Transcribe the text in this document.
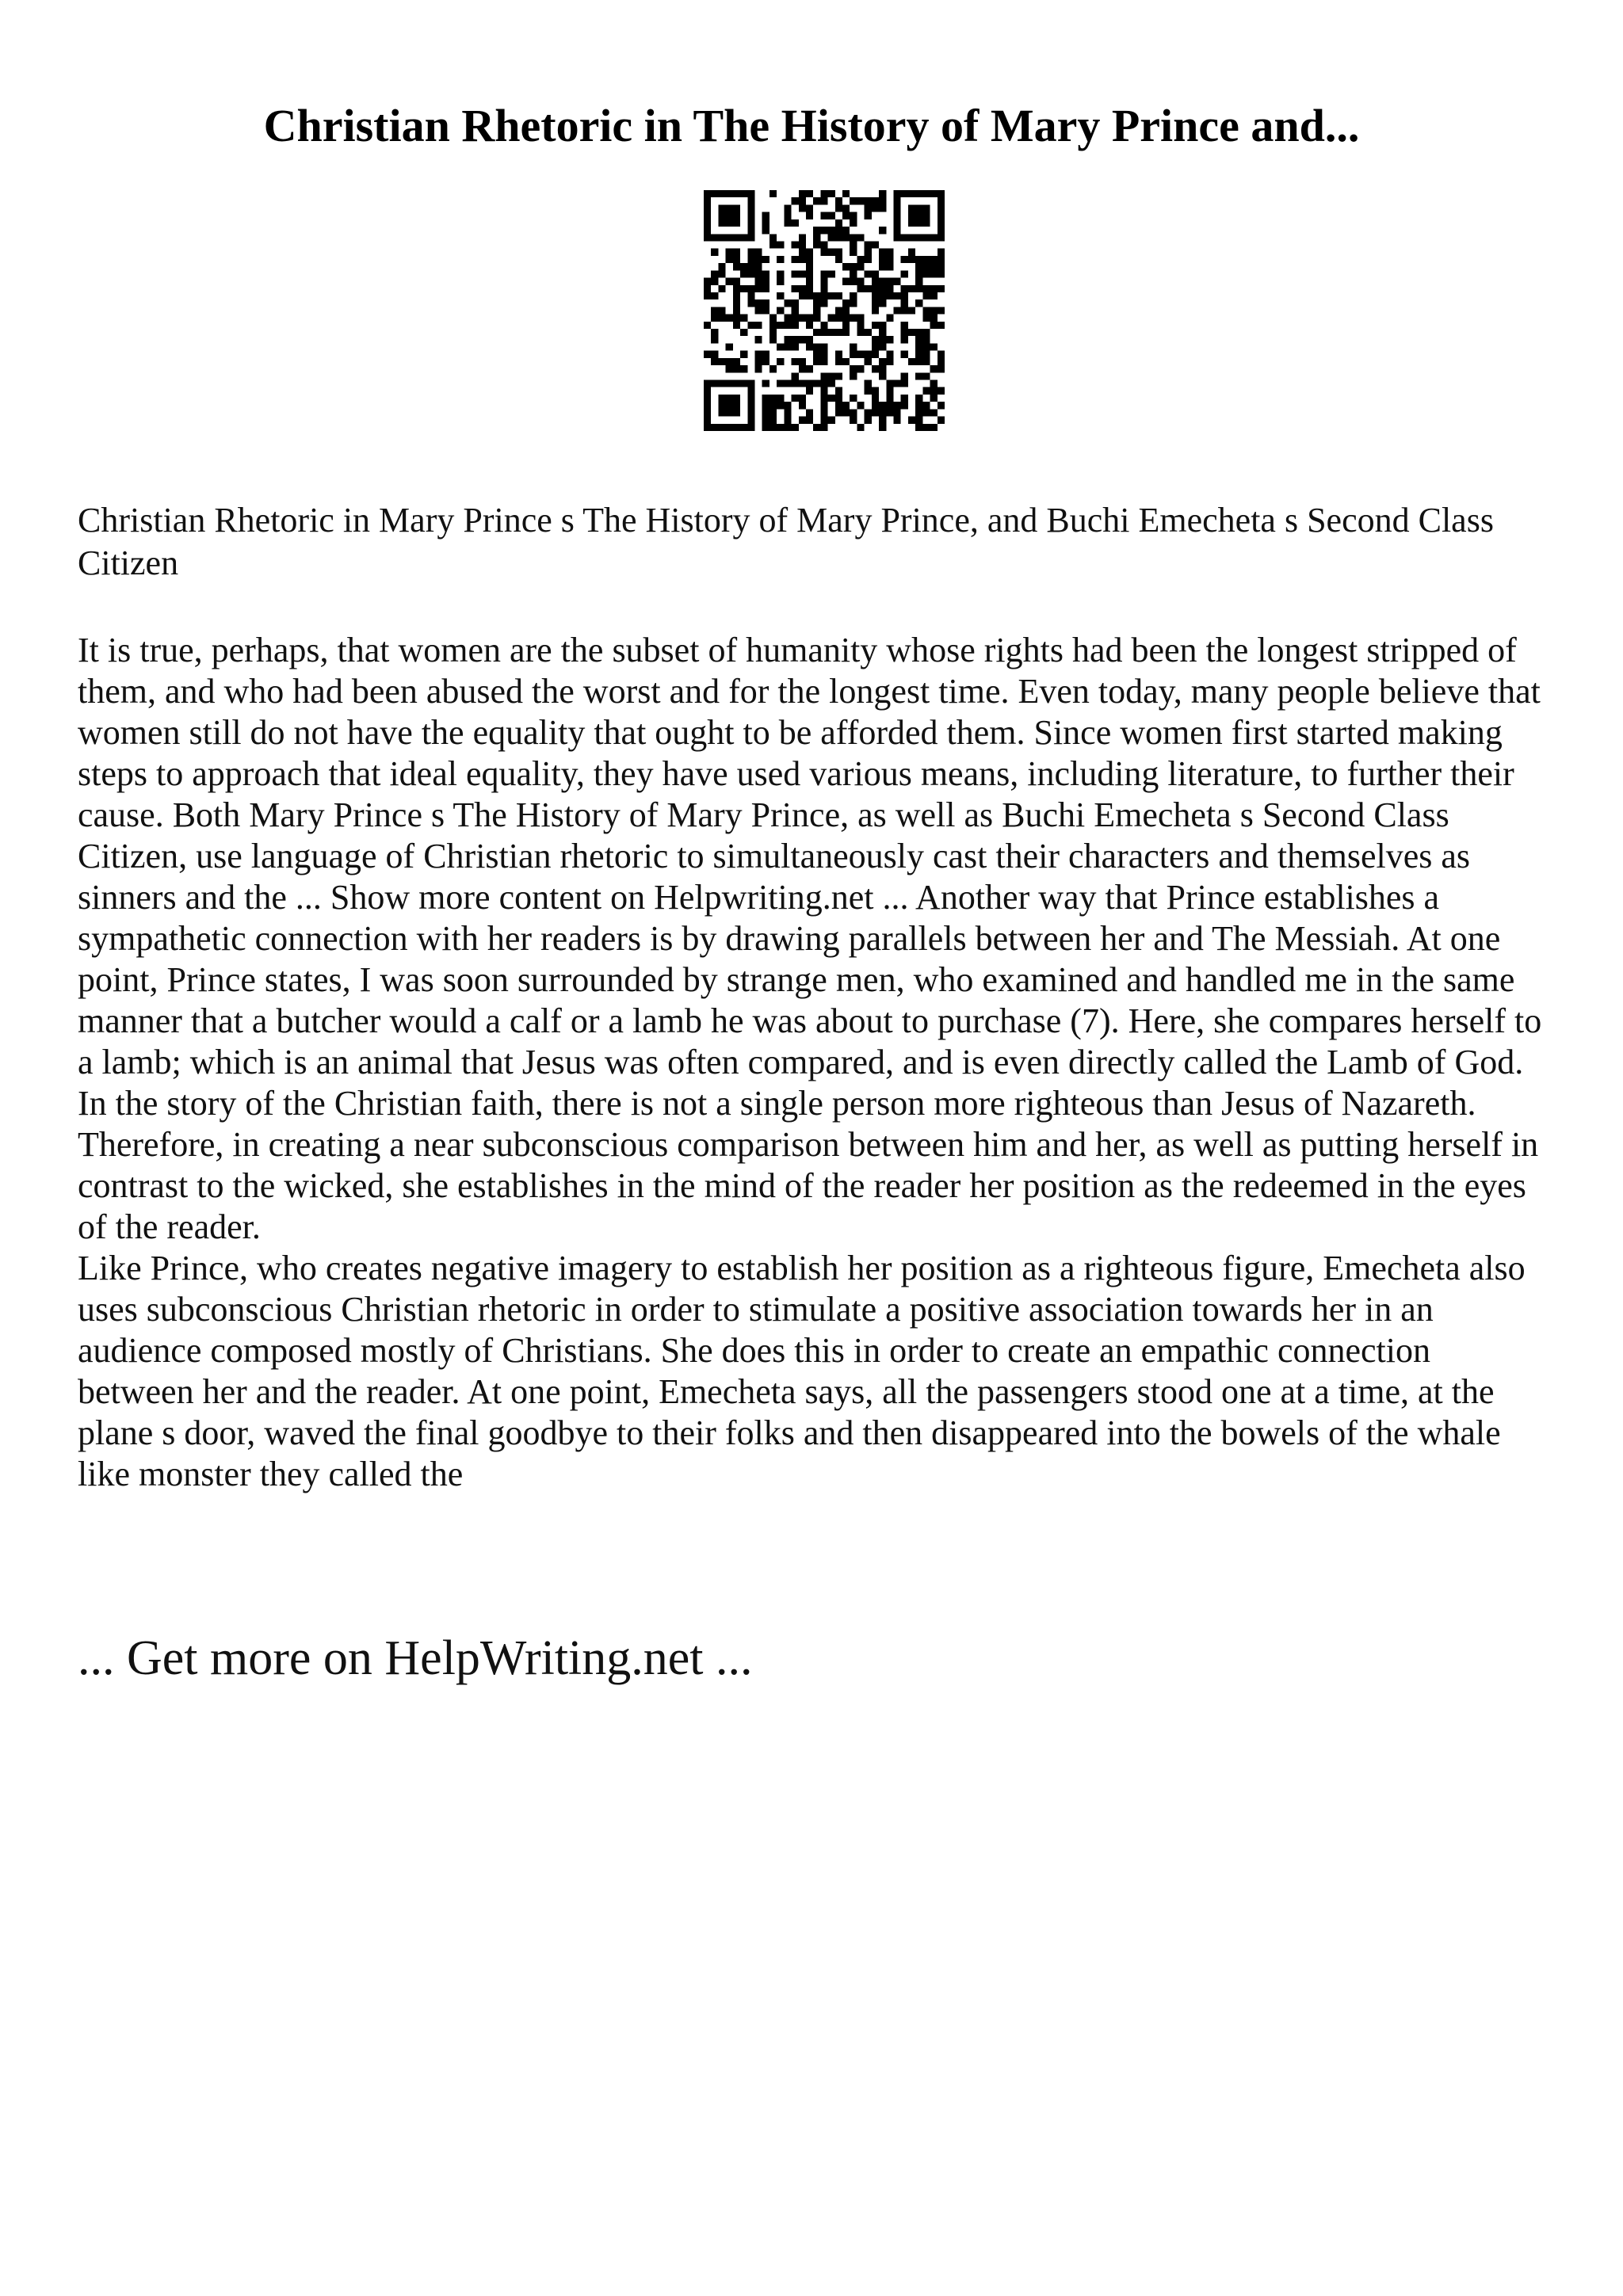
Christian Rhetoric in The History of Mary Prince and...

Christian Rhetoric in Mary Prince s The History of Mary Prince, and Buchi Emecheta s Second Class Citizen

It is true, perhaps, that women are the subset of humanity whose rights had been the longest stripped of them, and who had been abused the worst and for the longest time. Even today, many people believe that women still do not have the equality that ought to be afforded them. Since women first started making steps to approach that ideal equality, they have used various means, including literature, to further their cause. Both Mary Prince s The History of Mary Prince, as well as Buchi Emecheta s Second Class Citizen, use language of Christian rhetoric to simultaneously cast their characters and themselves as sinners and the ... Show more content on Helpwriting.net ... Another way that Prince establishes a sympathetic connection with her readers is by drawing parallels between her and The Messiah. At one point, Prince states, I was soon surrounded by strange men, who examined and handled me in the same manner that a butcher would a calf or a lamb he was about to purchase (7). Here, she compares herself to a lamb; which is an animal that Jesus was often compared, and is even directly called the Lamb of God. In the story of the Christian faith, there is not a single person more righteous than Jesus of Nazareth. Therefore, in creating a near subconscious comparison between him and her, as well as putting herself in contrast to the wicked, she establishes in the mind of the reader her position as the redeemed in the eyes of the reader.

Like Prince, who creates negative imagery to establish her position as a righteous figure, Emecheta also uses subconscious Christian rhetoric in order to stimulate a positive association towards her in an audience composed mostly of Christians. She does this in order to create an empathic connection between her and the reader. At one point, Emecheta says, all the passengers stood one at a time, at the plane s door, waved the final goodbye to their folks and then disappeared into the bowels of the whale like monster they called the

... Get more on HelpWriting.net ...
